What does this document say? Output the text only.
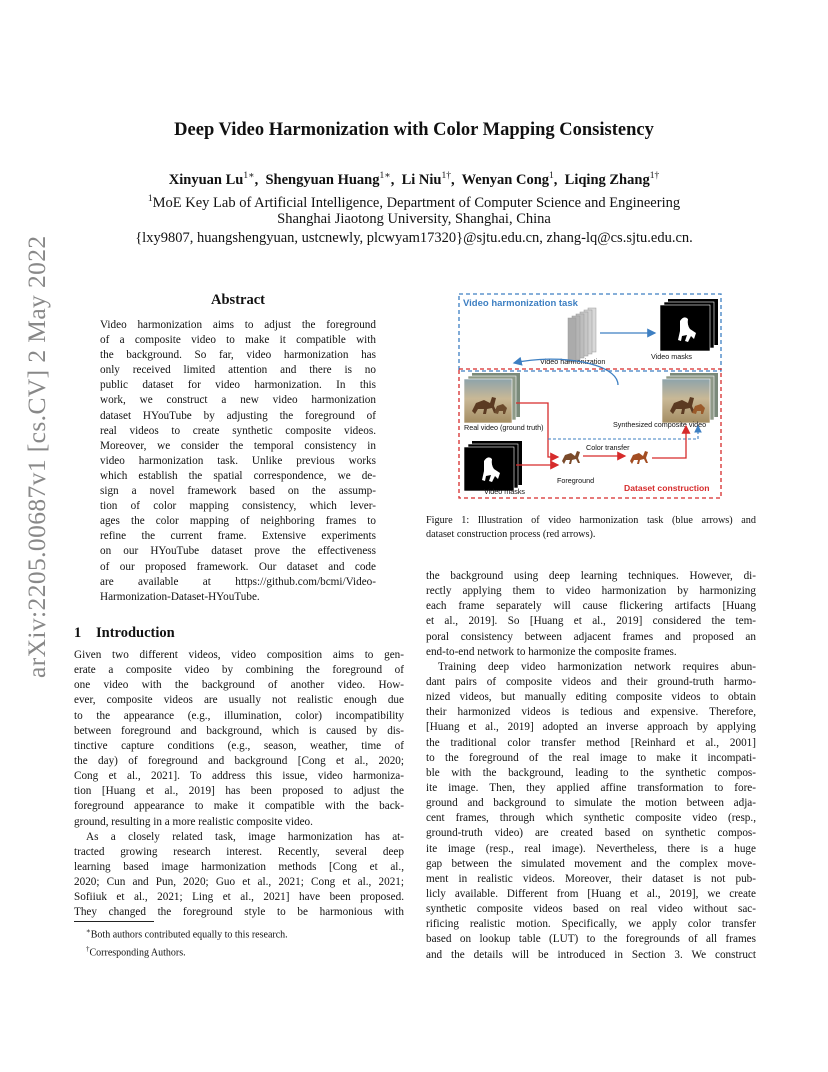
arXiv:2205.00687v1 [cs.CV] 2 May 2022
Deep Video Harmonization with Color Mapping Consistency
Xinyuan $Lu^{1∗}$,  Shengyuan Huang$^{1∗}$,  Li Niu$^{1\dagger}$,  Wenyan Cong$^1$,  Liqing Zhang$^{1\dagger}$
$^1$MoE Key Lab of Artificial Intelligence, Department of Computer Science and Engineering
Shanghai Jiaotong University, Shanghai, China
{lxy9807, huangshengyuan, ustcnewly, plcwyam17320}@sjtu.edu.cn, zhang-lq@cs.sjtu.edu.cn.
Abstract
Video harmonization aims to adjust the foreground
of a composite video to make it compatible with
the background. So far, video harmonization has
only received limited attention and there is no
public dataset for video harmonization. In this
work, we construct a new video harmonization
dataset HYouTube by adjusting the foreground of
real videos to create synthetic composite videos.
Moreover, we consider the temporal consistency in
video harmonization task. Unlike previous works
which establish the spatial correspondence, we de-
sign a novel framework based on the assump-
tion of color mapping consistency, which lever-
ages the color mapping of neighboring frames to
refine the current frame. Extensive experiments
on our HYouTube dataset prove the effectiveness
of our proposed framework. Our dataset and code
are available at https://github.com/bcmi/Video-
Harmonization-Dataset-HYouTube.
1 Introduction
Given two different videos, video composition aims to gen-
erate a composite video by combining the foreground of
one video with the background of another video. How-
ever, composite videos are usually not realistic enough due
to the appearance (e.g., illumination, color) incompatibility
between foreground and background, which is caused by dis-
tinctive capture conditions (e.g., season, weather, time of
the day) of foreground and background [Cong et al., 2020;
Cong et al., 2021]. To address this issue, video harmoniza-
tion [Huang et al., 2019] has been proposed to adjust the
foreground appearance to make it compatible with the back-
ground, resulting in a more realistic composite video.
As a closely related task, image harmonization has at-
tracted growing research interest. Recently, several deep
learning based image harmonization methods [Cong et al.,
2020; Cun and Pun, 2020; Guo et al., 2021; Cong et al., 2021;
Sofiiuk et al., 2021; Ling et al., 2021] have been proposed.
They changed the foreground style to be harmonious with
the background using deep learning techniques. However, di-
rectly applying them to video harmonization by harmonizing
each frame separately will cause flickering artifacts [Huang
et al., 2019]. So [Huang et al., 2019] considered the tem-
poral consistency between adjacent frames and proposed an
end-to-end network to harmonize the composite frames.
Training deep video harmonization network requires abun-
dant pairs of composite videos and their ground-truth harmo-
nized videos, but manually editing composite videos to obtain
their harmonized videos is tedious and expensive. Therefore,
[Huang et al., 2019] adopted an inverse approach by applying
the traditional color transfer method [Reinhard et al., 2001]
to the foreground of the real image to make it incompati-
ble with the background, leading to the synthetic compos-
ite image. Then, they applied affine transformation to fore-
ground and background to simulate the motion between adja-
cent frames, through which synthetic composite video (resp.,
ground-truth video) are created based on synthetic compos-
ite image (resp., real image). Nevertheless, there is a huge
gap between the simulated movement and the complex move-
ment in realistic videos. Moreover, their dataset is not pub-
licly available. Different from [Huang et al., 2019], we create
synthetic composite videos based on real video without sac-
rificing realistic motion. Specifically, we apply color transfer
based on lookup table (LUT) to the foregrounds of all frames
and the details will be introduced in Section 3. We construct
∗Both authors contributed equally to this research.
†Corresponding Authors.
Video harmonization task
Video harmonization
Video masks
Real video (ground truth)	Synthesized composite video
Video masks
Color transfer
Foreground
Dataset construction
Figure 1: Illustration of video harmonization task (blue arrows) and
dataset construction process (red arrows).
